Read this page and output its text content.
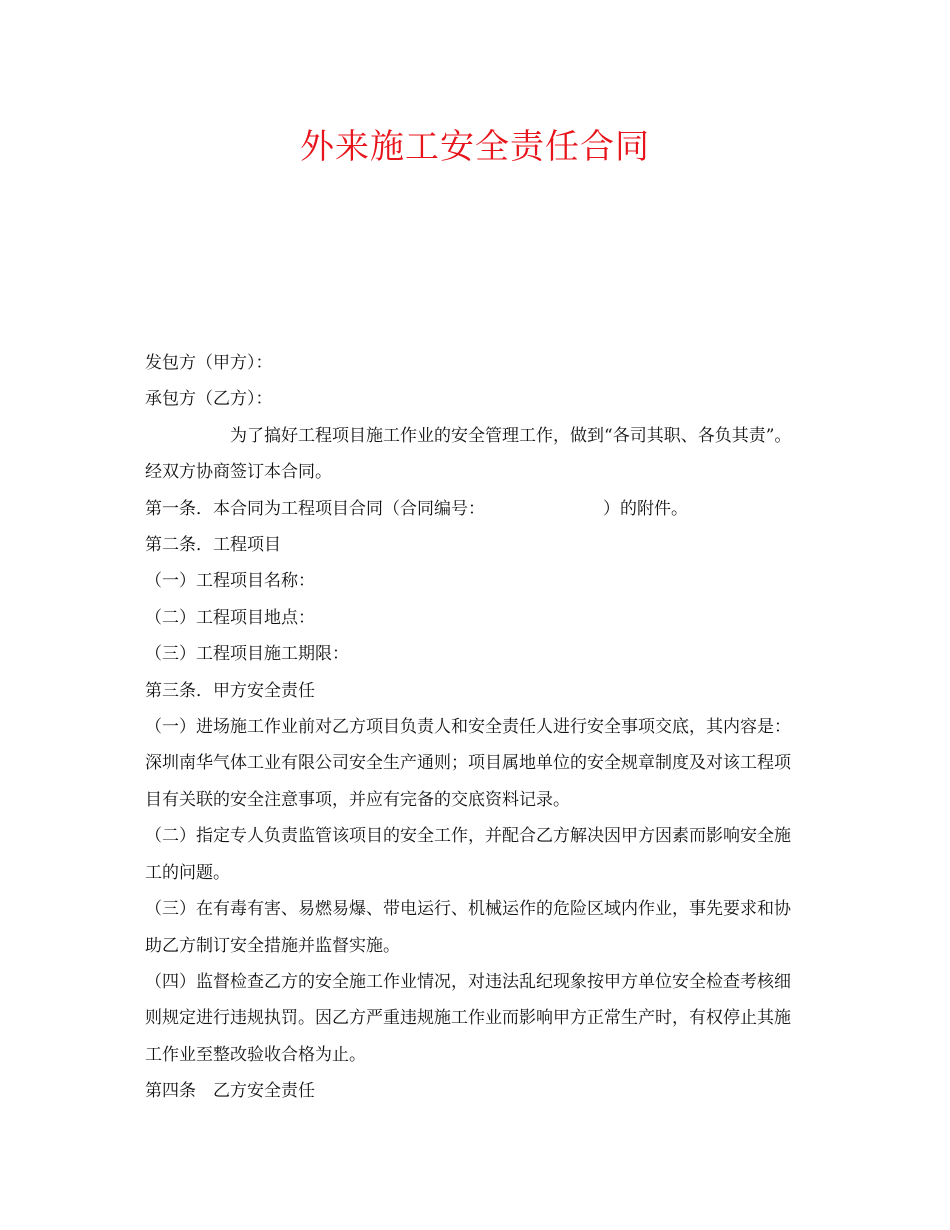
外来施工安全责任合同

发包方（甲方）：

承包方（乙方）：

为了搞好工程项目施工作业的安全管理工作，做到“各司其职、各负其责”。经双方协商签订本合同。

第一条．本合同为工程项目合同（合同编号：	）的附件。

第二条．工程项目

（一）工程项目名称：

（二）工程项目地点：

（三）工程项目施工期限：

第三条．甲方安全责任

（一）进场施工作业前对乙方项目负责人和安全责任人进行安全事项交底，其内容是：深圳南华气体工业有限公司安全生产通则；项目属地单位的安全规章制度及对该工程项目有关联的安全注意事项，并应有完备的交底资料记录。

（二）指定专人负责监管该项目的安全工作，并配合乙方解决因甲方因素而影响安全施工的问题。

（三）在有毒有害、易燃易爆、带电运行、机械运作的危险区域内作业，事先要求和协助乙方制订安全措施并监督实施。

（四）监督检查乙方的安全施工作业情况，对违法乱纪现象按甲方单位安全检查考核细则规定进行违规执罚。因乙方严重违规施工作业而影响甲方正常生产时，有权停止其施工作业至整改验收合格为止。

第四条　乙方安全责任
